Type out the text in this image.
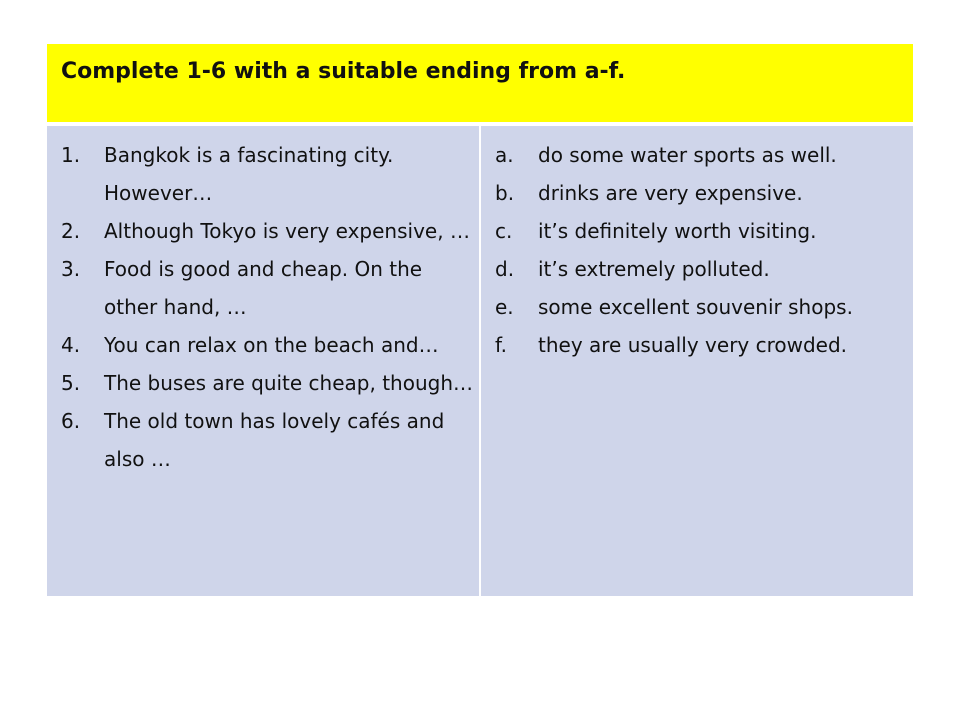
Complete 1-6 with a suitable ending from a-f.
1. Bangkok is a fascinating city. However…
2. Although Tokyo is very expensive, …
3. Food is good and cheap. On the other hand, …
4. You can relax on the beach and…
5. The buses are quite cheap, though…
6. The old town has lovely cafés and also …
a. do some water sports as well.
b. drinks are very expensive.
c. it’s definitely worth visiting.
d. it’s extremely polluted.
e. some excellent souvenir shops.
f. they are usually very crowded.
